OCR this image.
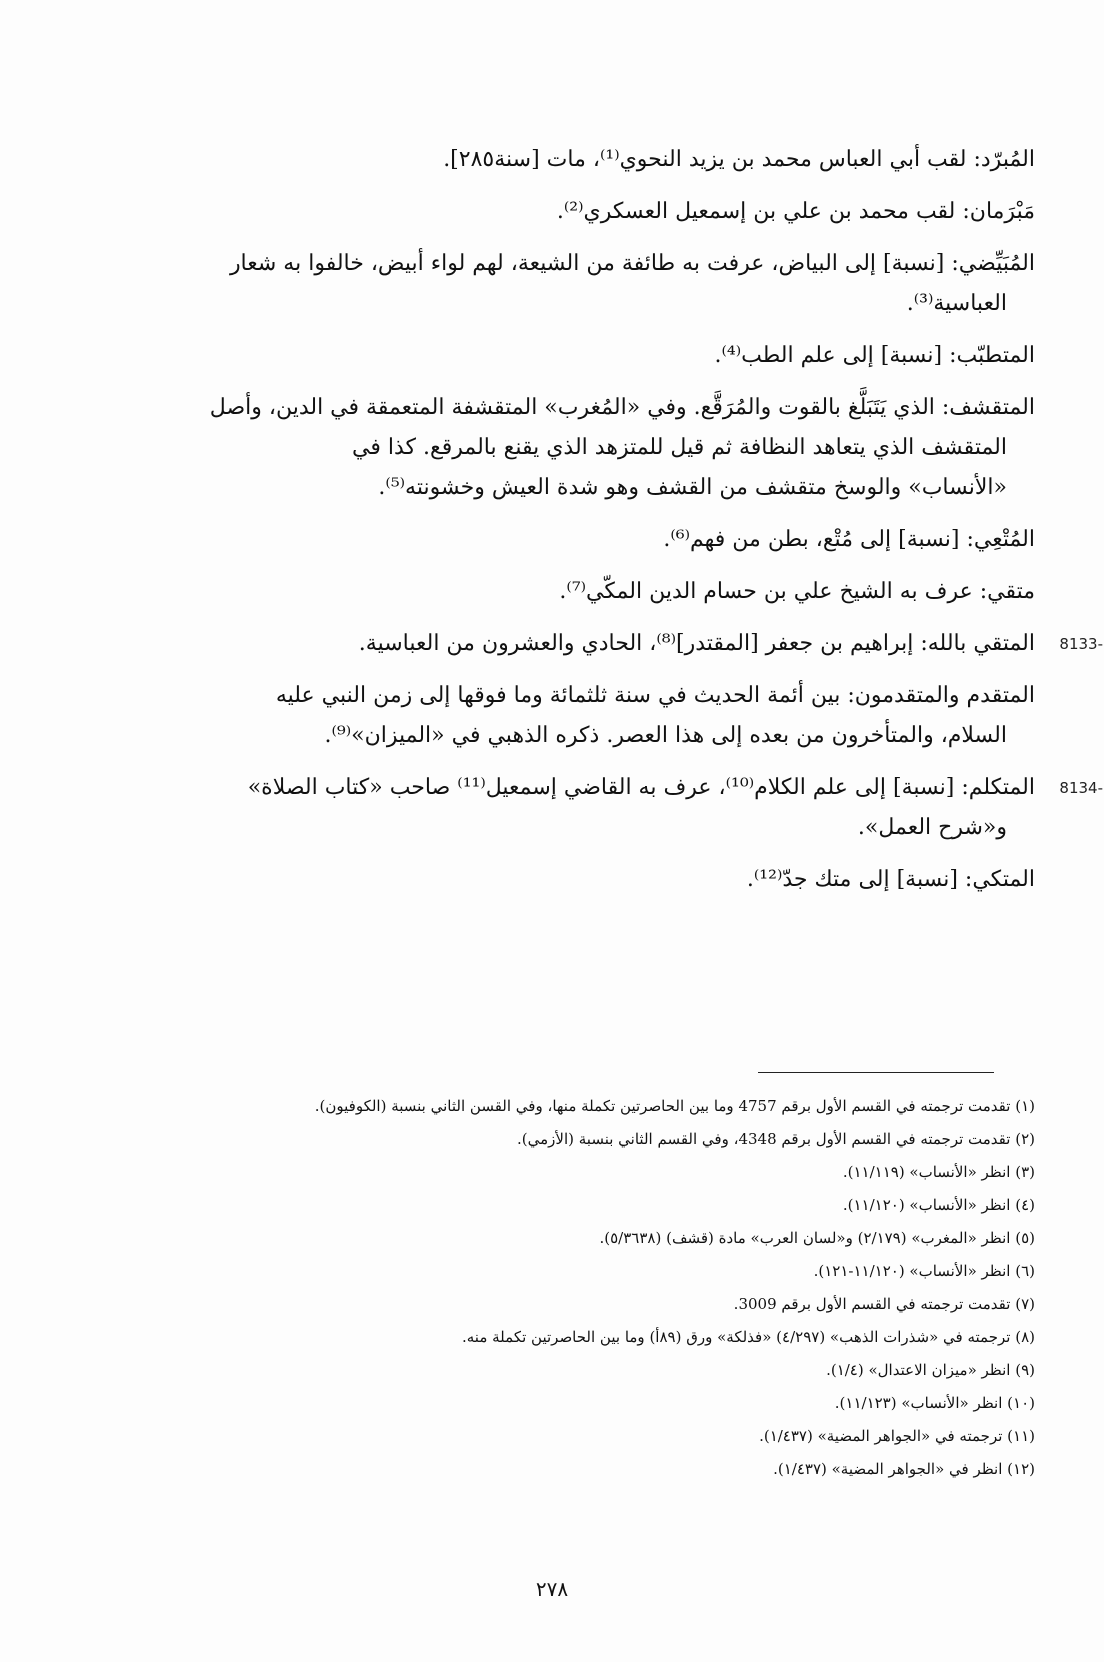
المُبرّد: لقب أبي العباس محمد بن يزيد النحوي⁽¹⁾، مات [سنة٢٨٥].
مَبْرَمان: لقب محمد بن علي بن إسمعيل العسكري⁽²⁾.
المُبَيِّضي: [نسبة] إلى البياض، عرفت به طائفة من الشيعة، لهم لواء أبيض، خالفوا به شعار
العباسية⁽³⁾.
المتطبّب: [نسبة] إلى علم الطب⁽⁴⁾.
المتقشف: الذي يَتَبَلَّغ بالقوت والمُرَقَّع. وفي «المُغرب» المتقشفة المتعمقة في الدين، وأصل
المتقشف الذي يتعاهد النظافة ثم قيل للمتزهد الذي يقنع بالمرقع. كذا في
«الأنساب» والوسخ متقشف من القشف وهو شدة العيش وخشونته⁽⁵⁾.
المُتْعِي: [نسبة] إلى مُتْع، بطن من فهم⁽⁶⁾.
متقي: عرف به الشيخ علي بن حسام الدين المكّي⁽⁷⁾.
8133-
المتقي بالله: إبراهيم بن جعفر [المقتدر]⁽⁸⁾، الحادي والعشرون من العباسية.
المتقدم والمتقدمون: بين أئمة الحديث في سنة ثلثمائة وما فوقها إلى زمن النبي عليه
السلام، والمتأخرون من بعده إلى هذا العصر. ذكره الذهبي في «الميزان»⁽⁹⁾.
8134-
المتكلم: [نسبة] إلى علم الكلام⁽¹⁰⁾، عرف به القاضي إسمعيل⁽¹¹⁾ صاحب «كتاب الصلاة»
و«شرح العمل».
المتكي: [نسبة] إلى متك جدّ⁽¹²⁾.
(١) تقدمت ترجمته في القسم الأول برقم 4757 وما بين الحاصرتين تكملة منها، وفي القسن الثاني بنسبة (الكوفيون).
(٢) تقدمت ترجمته في القسم الأول برقم 4348، وفي القسم الثاني بنسبة (الأزمي).
(٣) انظر «الأنساب» (١١/١١٩).
(٤) انظر «الأنساب» (١١/١٢٠).
(٥) انظر «المغرب» (٢/١٧٩) و«لسان العرب» مادة (قشف) (٥/٣٦٣٨).
(٦) انظر «الأنساب» (١١/١٢٠-١٢١).
(٧) تقدمت ترجمته في القسم الأول برقم 3009.
(٨) ترجمته في «شذرات الذهب» (٤/٢٩٧) «فذلكة» ورق (٨٩أ) وما بين الحاصرتين تكملة منه.
(٩) انظر «ميزان الاعتدال» (١/٤).
(١٠) انظر «الأنساب» (١١/١٢٣).
(١١) ترجمته في «الجواهر المضية» (١/٤٣٧).
(١٢) انظر في «الجواهر المضية» (١/٤٣٧).
٢٧٨
